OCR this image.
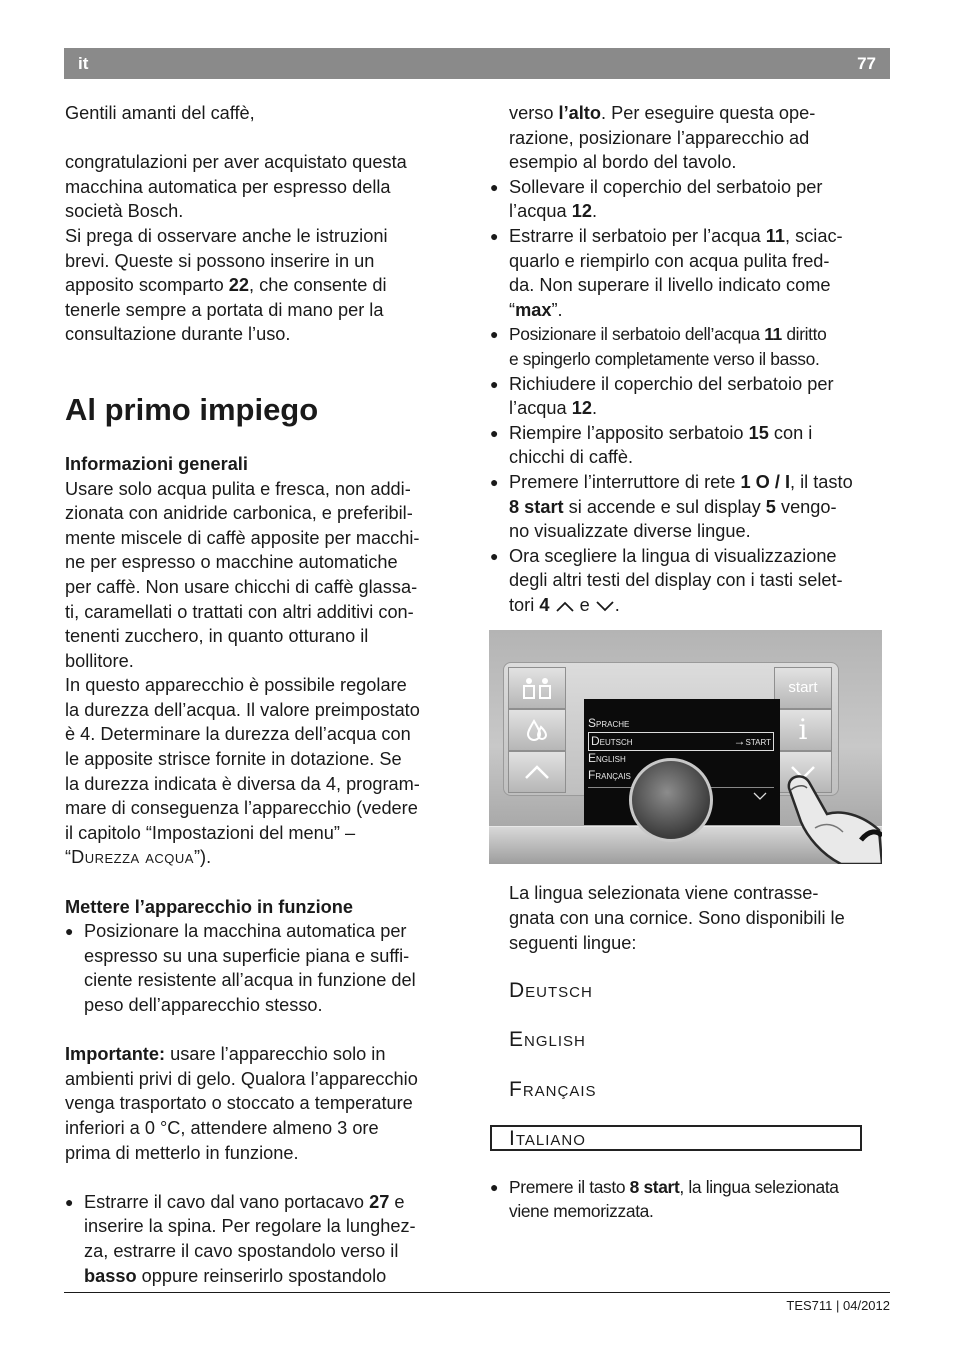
it	77

Gentili amanti del caffè,

congratulazioni per aver acquistato questa

macchina automatica per espresso della

società Bosch.

Si prega di osservare anche le istruzioni

brevi. Queste si possono inserire in un

apposito scomparto 22, che consente di

tenerle sempre a portata di mano per la

consultazione durante l’uso.

Al primo impiego

Informazioni generali

Usare solo acqua pulita e fresca, non addi-

zionata con anidride carbonica, e preferibil-

mente miscele di caffè apposite per macchi-

ne per espresso o macchine automatiche

per caffè. Non usare chicchi di caffè glassa-

ti, caramellati o trattati con altri additivi con-

tenenti zucchero, in quanto otturano il

bollitore.

In questo apparecchio è possibile regolare

la durezza dell’acqua. Il valore preimpostato

è 4. Determinare la durezza dell’acqua con

le apposite strisce fornite in dotazione. Se

la durezza indicata è diversa da 4, program-

mare di conseguenza l’apparecchio (vedere

il capitolo “Impostazioni del menu” –

“Durezza acqua”).

Mettere l’apparecchio in funzione

● Posizionare la macchina automatica per

espresso su una superficie piana e suffi-

ciente resistente all’acqua in funzione del

peso dell’apparecchio stesso.

Importante: usare l’apparecchio solo in

ambienti privi di gelo. Qualora l’apparecchio

venga trasportato o stoccato a temperature

inferiori a 0 °C, attendere almeno 3 ore

prima di metterlo in funzione.

● Estrarre il cavo dal vano portacavo 27 e

inserire la spina. Per regolare la lunghez-

za, estrarre il cavo spostandolo verso il

basso oppure reinserirlo spostandolo

verso l’alto. Per eseguire questa ope-

razione, posizionare l’apparecchio ad

esempio al bordo del tavolo.

● Sollevare il coperchio del serbatoio per

l’acqua 12.

● Estrarre il serbatoio per l’acqua 11, sciac-

quarlo e riempirlo con acqua pulita fred-

da. Non superare il livello indicato come

“max”.

● Posizionare il serbatoio dell’acqua 11 diritto

e spingerlo completamente verso il basso.

● Richiudere il coperchio del serbatoio per

l’acqua 12.

● Riempire l’apposito serbatoio 15 con i

chicchi di caffè.

● Premere l’interruttore di rete 1 O / I, il tasto

8 start si accende e sul display 5 vengo-

no visualizzate diverse lingue.

● Ora scegliere la lingua di visualizzazione

degli altri testi del display con i tasti selet-

tori 4  e .

start
i
Sprache
Deutsch	→start
English
Français

La lingua selezionata viene contrasse-

gnata con una cornice. Sono disponibili le

seguenti lingue:

Deutsch
English
Français
Italiano

● Premere il tasto 8 start, la lingua selezionata

viene memorizzata.

TES711 | 04/2012
